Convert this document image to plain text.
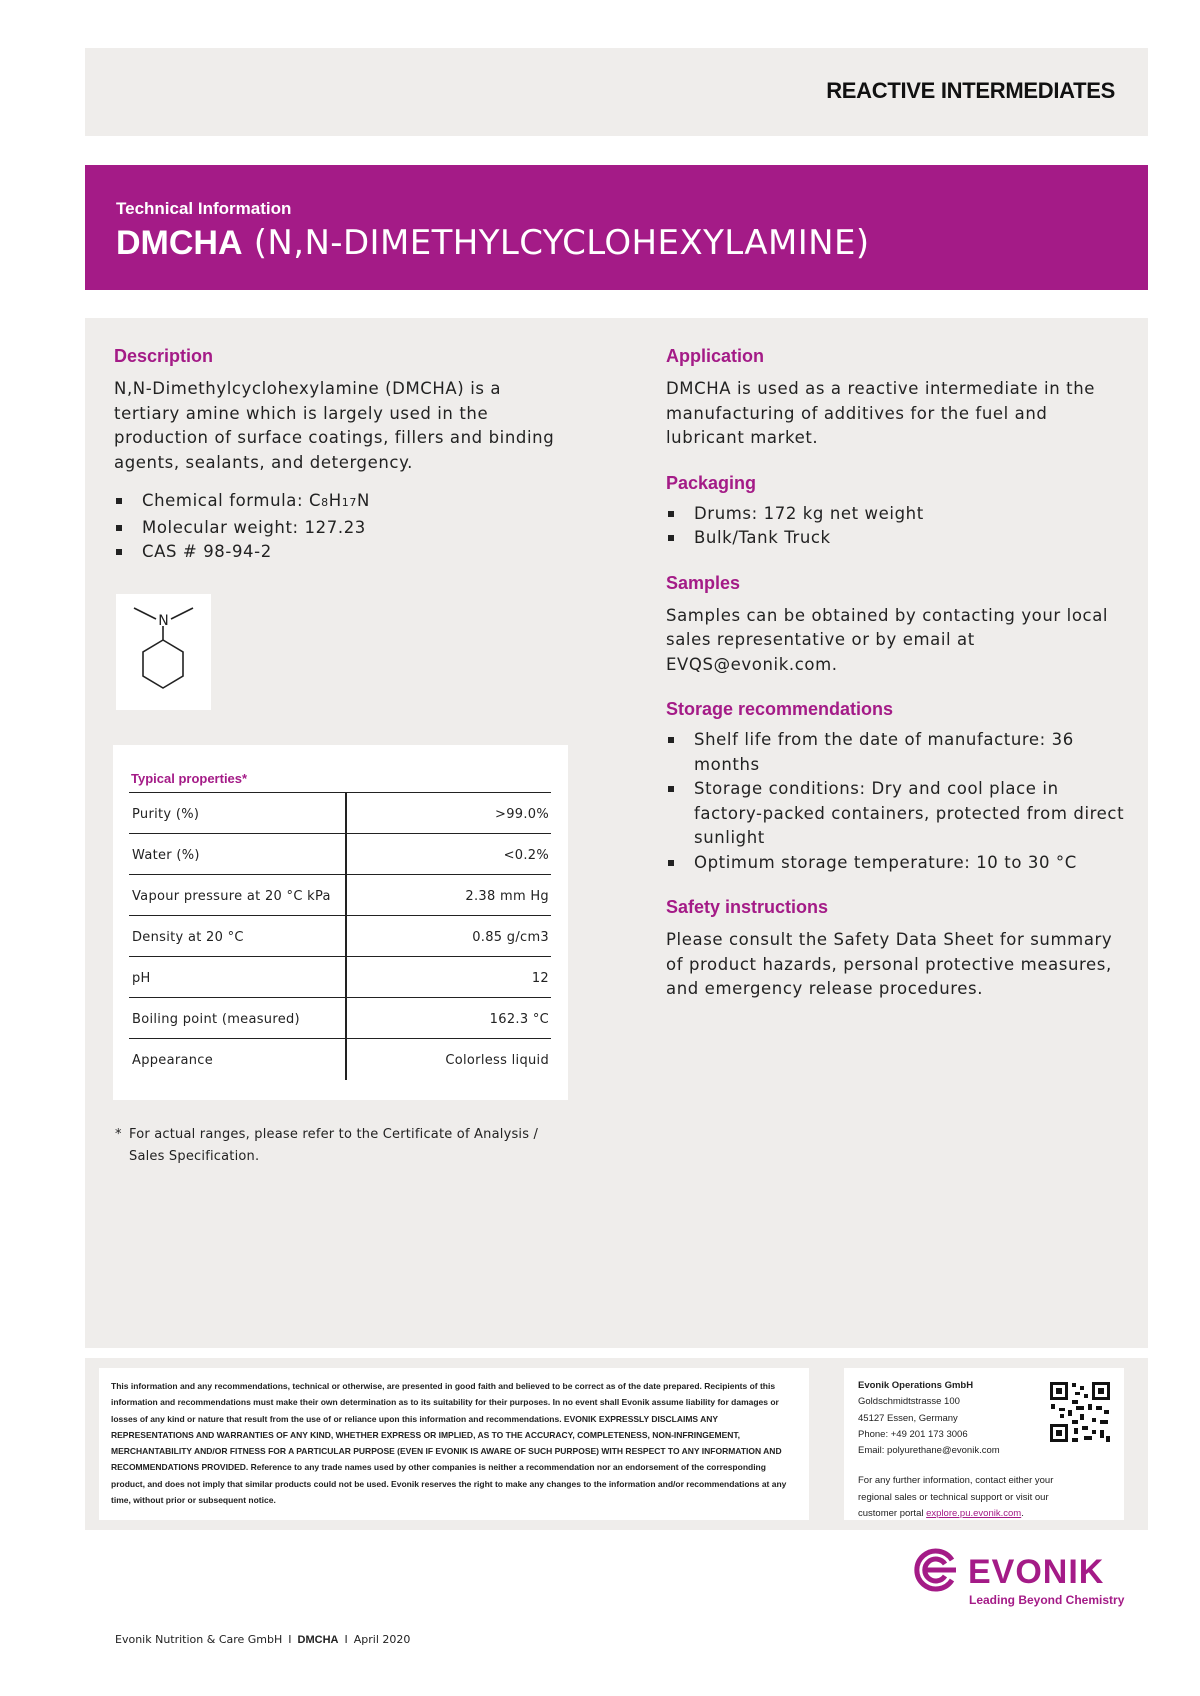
REACTIVE INTERMEDIATES
Technical Information
DMCHA (N,N-DIMETHYLCYCLOHEXYLAMINE)
Description

N,N-Dimethylcyclohexylamine (DMCHA) is a tertiary amine which is largely used in the production of surface coatings, fillers and binding agents, sealants, and detergency.

Chemical formula: C8H17N
Molecular weight: 127.23
CAS # 98-94-2
Application

DMCHA is used as a reactive intermediate in the manufacturing of additives for the fuel and lubricant market.

Packaging
Drums: 172 kg net weight
Bulk/Tank Truck
Samples

Samples can be obtained by contacting your local sales representative or by email at EVQS@evonik.com.

Storage recommendations
Shelf life from the date of manufacture: 36 months
Storage conditions: Dry and cool place in factory-packed containers, protected from direct sunlight
Optimum storage temperature: 10 to 30 °C
Safety instructions

Please consult the Safety Data Sheet for summary of product hazards, personal protective measures, and emergency release procedures.

N
Typical properties*
Purity (%)	>99.0%
Water (%)	<0.2%
Vapour pressure at 20 °C kPa	2.38 mm Hg
Density at 20 °C	0.85 g/cm3
pH	12
Boiling point (measured)	162.3 °C
Appearance	Colorless liquid
* For actual ranges, please refer to the Certificate of Analysis / Sales Specification.
This information and any recommendations, technical or otherwise, are presented in good faith and believed to be correct as of the date prepared. Recipients of this information and recommendations must make their own determination as to its suitability for their purposes. In no event shall Evonik assume liability for damages or losses of any kind or nature that result from the use of or reliance upon this information and recommendations. EVONIK EXPRESSLY DISCLAIMS ANY REPRESENTATIONS AND WARRANTIES OF ANY KIND, WHETHER EXPRESS OR IMPLIED, AS TO THE ACCURACY, COMPLETENESS, NON-INFRINGEMENT, MERCHANTABILITY AND/OR FITNESS FOR A PARTICULAR PURPOSE (EVEN IF EVONIK IS AWARE OF SUCH PURPOSE) WITH RESPECT TO ANY INFORMATION AND RECOMMENDATIONS PROVIDED. Reference to any trade names used by other companies is neither a recommendation nor an endorsement of the corresponding product, and does not imply that similar products could not be used. Evonik reserves the right to make any changes to the information and/or recommendations at any time, without prior or subsequent notice.
Evonik Operations GmbH
Goldschmidtstrasse 100
45127 Essen, Germany
Phone: +49 201 173 3006
Email: polyurethane@evonik.com
For any further information, contact either your regional sales or technical support or visit our customer portal explore.pu.evonik.com.
EVONIK
Leading Beyond Chemistry
Evonik Nutrition & Care GmbH I DMCHA I April 2020
